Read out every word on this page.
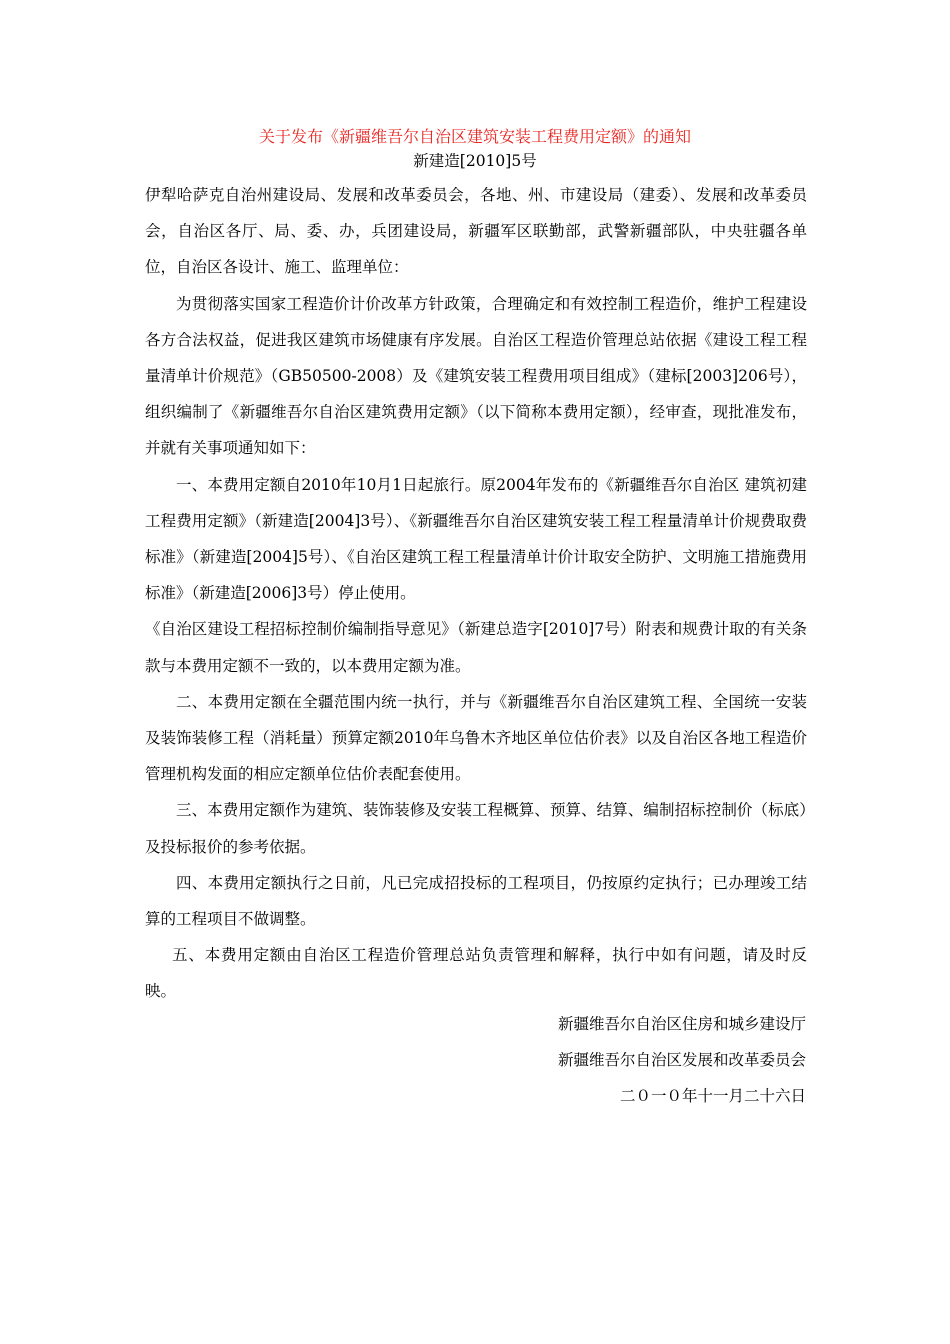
关于发布《新疆维吾尔自治区建筑安装工程费用定额》的通知
新建造[2010]5号

伊犁哈萨克自治州建设局、发展和改革委员会，各地、州、市建设局（建委）、发展和改革委员会，自治区各厅、局、委、办，兵团建设局，新疆军区联勤部，武警新疆部队，中央驻疆各单位，自治区各设计、施工、监理单位：

为贯彻落实国家工程造价计价改革方针政策，合理确定和有效控制工程造价，维护工程建设各方合法权益，促进我区建筑市场健康有序发展。自治区工程造价管理总站依据《建设工程工程量清单计价规范》（GB50500-2008）及《建筑安装工程费用项目组成》（建标[2003]206号），组织编制了《新疆维吾尔自治区建筑费用定额》（以下简称本费用定额），经审查，现批准发布，并就有关事项通知如下：

一、本费用定额自2010年10月1日起旅行。原2004年发布的《新疆维吾尔自治区 建筑初建工程费用定额》（新建造[2004]3号）、《新疆维吾尔自治区建筑安装工程工程量清单计价规费取费标准》（新建造[2004]5号）、《自治区建筑工程工程量清单计价计取安全防护、文明施工措施费用标准》（新建造[2006]3号）停止使用。

《自治区建设工程招标控制价编制指导意见》（新建总造字[2010]7号）附表和规费计取的有关条款与本费用定额不一致的，以本费用定额为准。

二、本费用定额在全疆范围内统一执行，并与《新疆维吾尔自治区建筑工程、全国统一安装及装饰装修工程（消耗量）预算定额2010年乌鲁木齐地区单位估价表》以及自治区各地工程造价管理机构发面的相应定额单位估价表配套使用。

三、本费用定额作为建筑、装饰装修及安装工程概算、预算、结算、编制招标控制价（标底）及投标报价的参考依据。

四、本费用定额执行之日前，凡已完成招投标的工程项目，仍按原约定执行；已办理竣工结算的工程项目不做调整。

五、本费用定额由自治区工程造价管理总站负责管理和解释，执行中如有问题，请及时反映。

新疆维吾尔自治区住房和城乡建设厅
新疆维吾尔自治区发展和改革委员会
二０一０年十一月二十六日
